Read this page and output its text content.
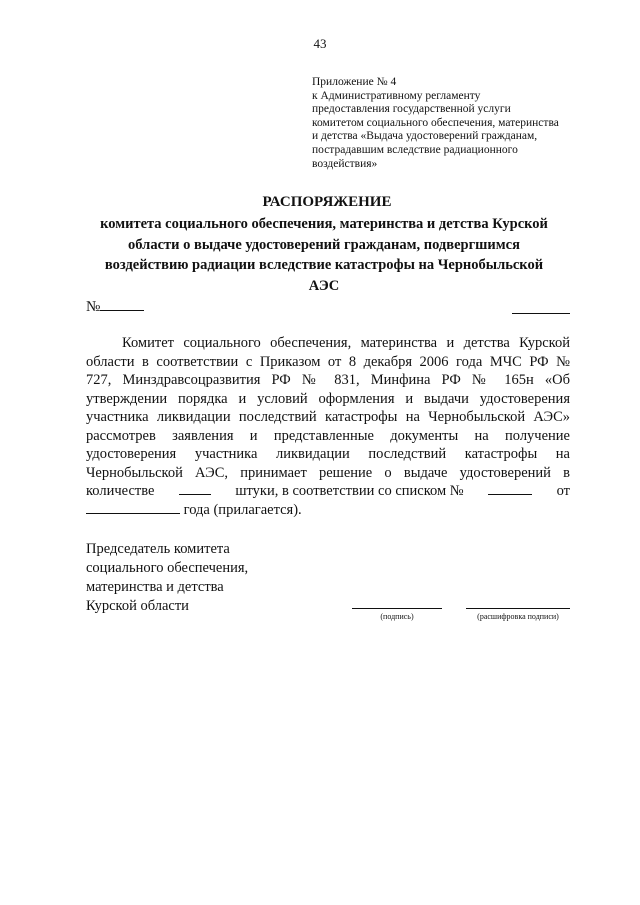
43
Приложение № 4
к Административному регламенту
предоставления государственной услуги
комитетом социального обеспечения, материнства
и детства «Выдача удостоверений гражданам,
пострадавшим вследствие радиационного
воздействия»
РАСПОРЯЖЕНИЕ
комитета социального обеспечения, материнства и детства Курской
области о выдаче удостоверений гражданам, подвергшимся
воздействию радиации вследствие катастрофы на Чернобыльской
АЭС
№
Комитет социального обеспечения, материнства и детства Курской
области в соответствии с Приказом от 8 декабря 2006 года МЧС РФ №
727, Минздравсоцразвития РФ № 831, Минфина РФ № 165н «Об
утверждении порядка и условий оформления и выдачи удостоверения
участника ликвидации последствий катастрофы на Чернобыльской АЭС»
рассмотрев заявления и представленные документы на получение
удостоверения участника ликвидации последствий катастрофы на
Чернобыльской АЭС, принимает решение о выдаче удостоверений в
количестве	штуки, в соответствии со списком №	от
года (прилагается).
Председатель комитета
социального обеспечения,
материнства и детства
Курской области
(подпись)	(расшифровка подписи)
